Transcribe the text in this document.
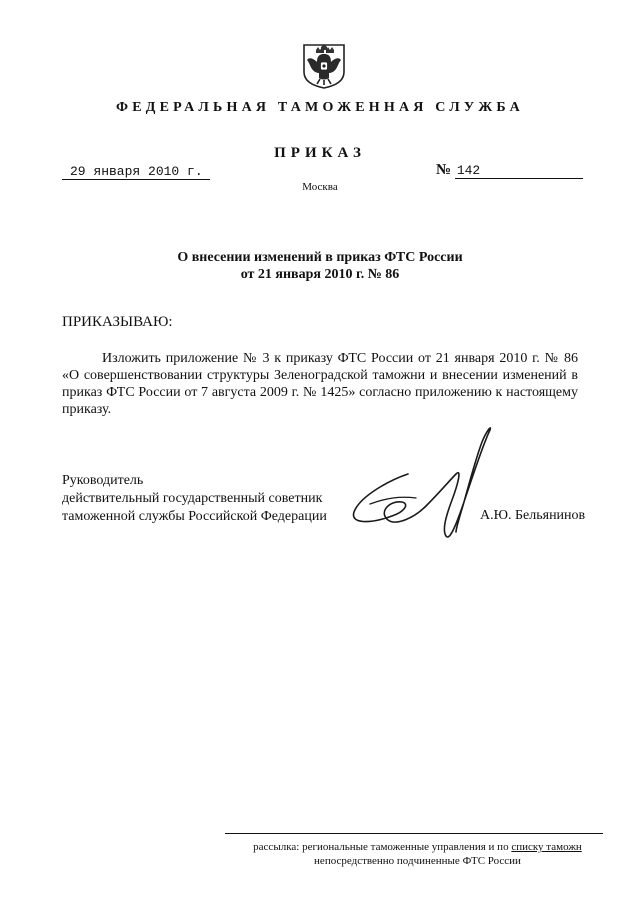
ФЕДЕРАЛЬНАЯ ТАМОЖЕННАЯ СЛУЖБА
ПРИКАЗ
29 января 2010 г.	№ 142
Москва
О внесении изменений в приказ ФТС России
от 21 января 2010 г. № 86
ПРИКАЗЫВАЮ:

Изложить приложение № 3 к приказу ФТС России от 21 января 2010 г. № 86 «О совершенствовании структуры Зеленоградской таможни и внесении изменений в приказ ФТС России от 7 августа 2009 г. № 1425» согласно приложению к настоящему приказу.

Руководитель
действительный государственный советник
таможенной службы Российской Федерации	А.Ю. Бельянинов
рассылка: региональные таможенные управления и по списку таможн
непосредственно подчиненные ФТС России
